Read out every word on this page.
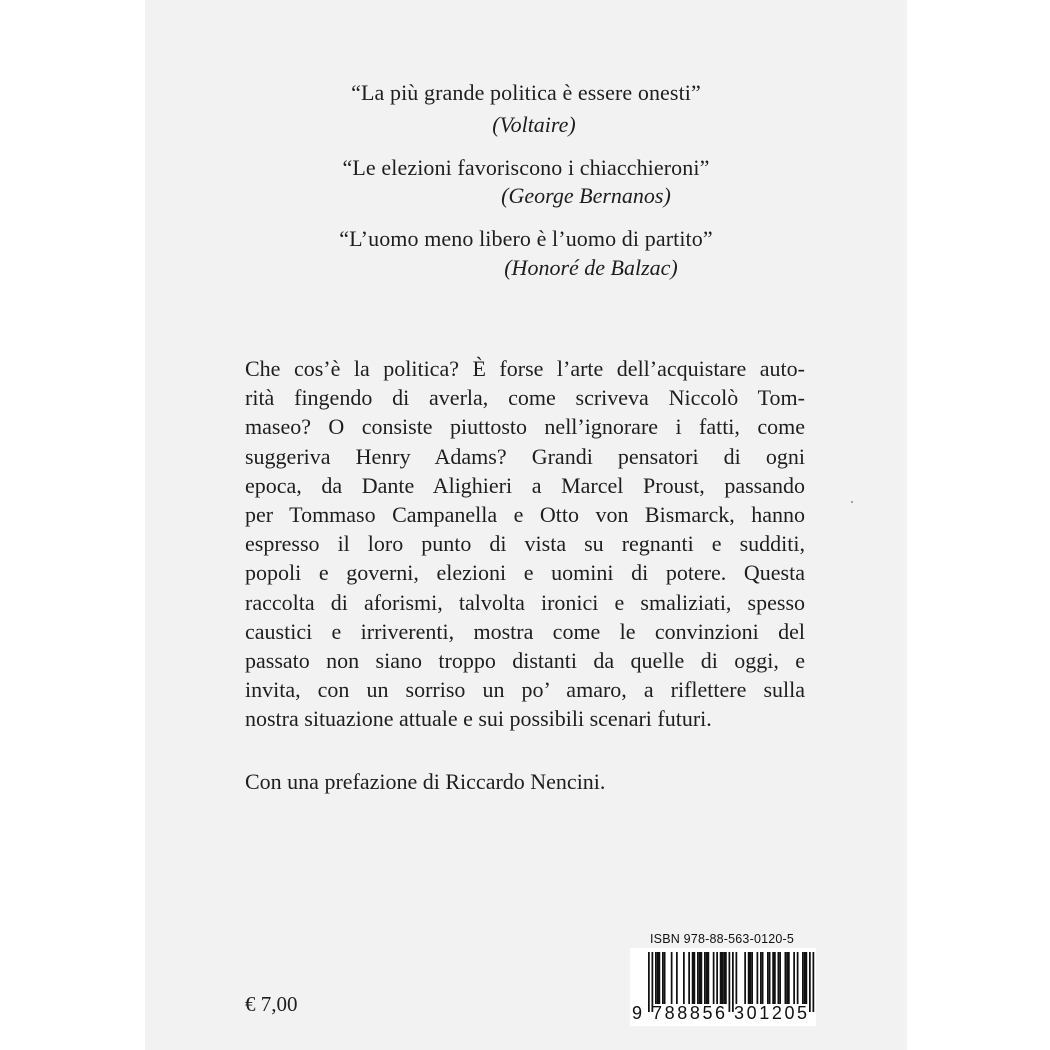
“La più grande politica è essere onesti”
(Voltaire)
“Le elezioni favoriscono i chiacchieroni”
(George Bernanos)
“L’uomo meno libero è l’uomo di partito”
(Honoré de Balzac)
Che cos’è la politica? È forse l’arte dell’acquistare auto-
rità fingendo di averla, come scriveva Niccolò Tom-
maseo? O consiste piuttosto nell’ignorare i fatti, come
suggeriva Henry Adams? Grandi pensatori di ogni
epoca, da Dante Alighieri a Marcel Proust, passando
per Tommaso Campanella e Otto von Bismarck, hanno
espresso il loro punto di vista su regnanti e sudditi,
popoli e governi, elezioni e uomini di potere. Questa
raccolta di aforismi, talvolta ironici e smaliziati, spesso
caustici e irriverenti, mostra come le convinzioni del
passato non siano troppo distanti da quelle di oggi, e
invita, con un sorriso un po’ amaro, a riflettere sulla
nostra situazione attuale e sui possibili scenari futuri.
Con una prefazione di Riccardo Nencini.
€ 7,00
ISBN 978-88-563-0120-5
9 788856 301205
